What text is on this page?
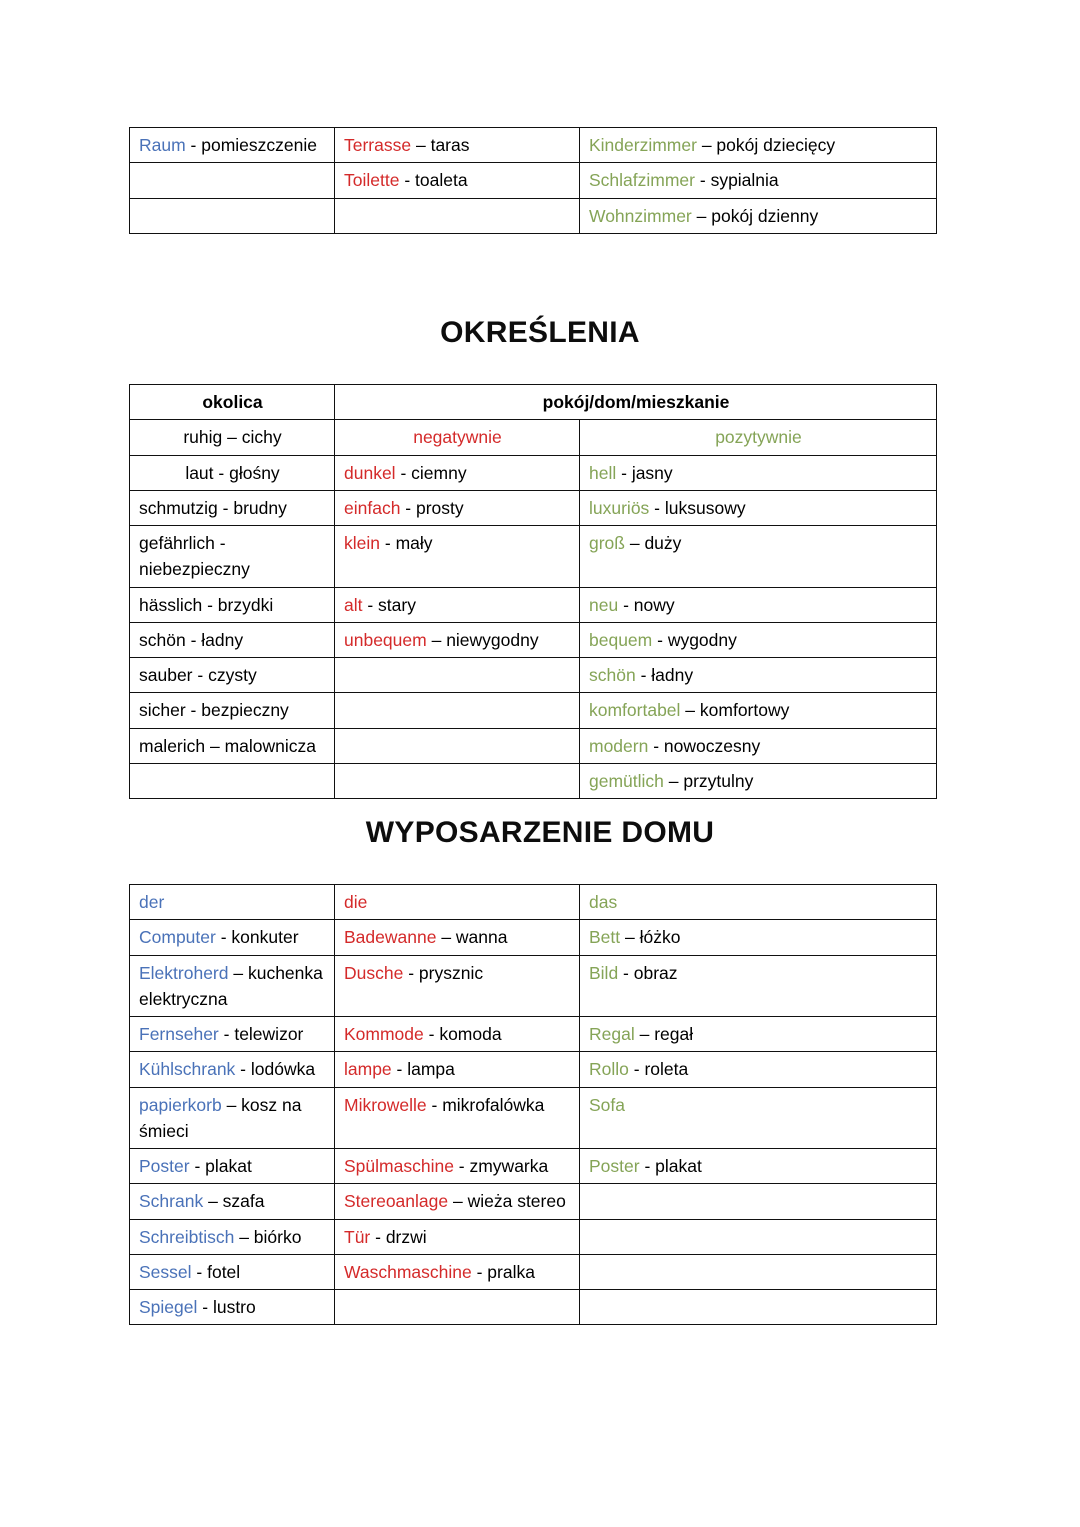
Raum - pomieszczenie	Terrasse – taras	Kinderzimmer – pokój dziecięcy
	Toilette - toaleta	Schlafzimmer - sypialnia
		Wohnzimmer – pokój dzienny
OKREŚLENIA
okolica	pokój/dom/mieszkanie	
ruhig – cichy	negatywnie	pozytywnie
laut - głośny	dunkel - ciemny	hell - jasny
schmutzig - brudny	einfach - prosty	luxuriös - luksusowy
gefährlich - niebezpieczny	klein - mały	groß – duży
hässlich - brzydki	alt - stary	neu - nowy
schön - ładny	unbequem – niewygodny	bequem - wygodny
sauber - czysty		schön - ładny
sicher - bezpieczny		komfortabel – komfortowy
malerich – malownicza		modern - nowoczesny
		gemütlich – przytulny
WYPOSARZENIE DOMU
der	die	das
Computer - konkuter	Badewanne – wanna	Bett – łóżko
Elektroherd – kuchenka elektryczna	Dusche - prysznic	Bild - obraz
Fernseher - telewizor	Kommode - komoda	Regal – regał
Kühlschrank - lodówka	lampe - lampa	Rollo - roleta
papierkorb – kosz na śmieci	Mikrowelle - mikrofalówka	Sofa
Poster - plakat	Spülmaschine - zmywarka	Poster - plakat
Schrank – szafa	Stereoanlage – wieża stereo	
Schreibtisch – biórko	Tür - drzwi	
Sessel - fotel	Waschmaschine - pralka	
Spiegel - lustro		
